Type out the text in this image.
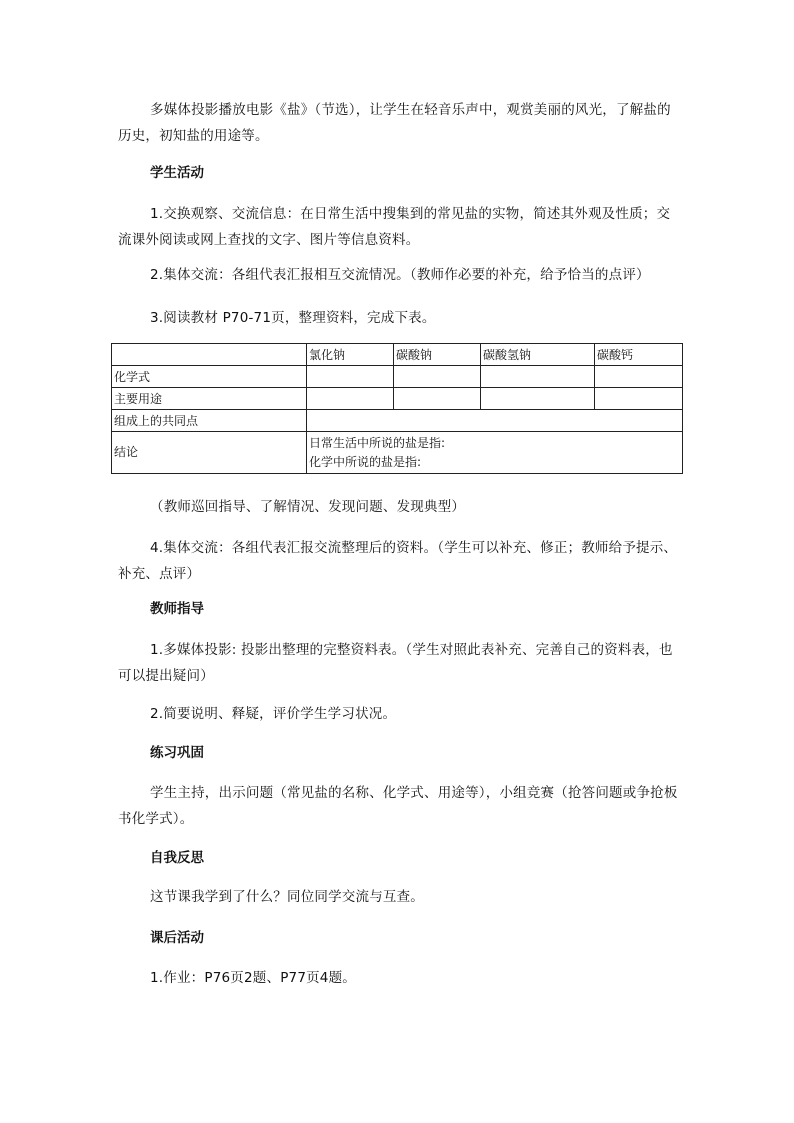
多媒体投影播放电影《盐》（节选），让学生在轻音乐声中，观赏美丽的风光，了解盐的历史，初知盐的用途等。

学生活动

1.交换观察、交流信息：在日常生活中搜集到的常见盐的实物，简述其外观及性质；交流课外阅读或网上查找的文字、图片等信息资料。

2.集体交流：各组代表汇报相互交流情况。（教师作必要的补充，给予恰当的点评）

3.阅读教材 P70-71页，整理资料，完成下表。

	氯化钠	碳酸钠	碳酸氢钠	碳酸钙
化学式				
主要用途				
组成上的共同点				
结论	日常生活中所说的盐是指:
化学中所说的盐是指:			

（教师巡回指导、了解情况、发现问题、发现典型）

4.集体交流：各组代表汇报交流整理后的资料。（学生可以补充、修正；教师给予提示、补充、点评）

教师指导

1.多媒体投影: 投影出整理的完整资料表。（学生对照此表补充、完善自己的资料表，也可以提出疑问）

2.简要说明、释疑，评价学生学习状况。

练习巩固

学生主持，出示问题（常见盐的名称、化学式、用途等），小组竞赛（抢答问题或争抢板书化学式）。

自我反思

这节课我学到了什么？同位同学交流与互查。

课后活动

1.作业：P76页2题、P77页4题。
